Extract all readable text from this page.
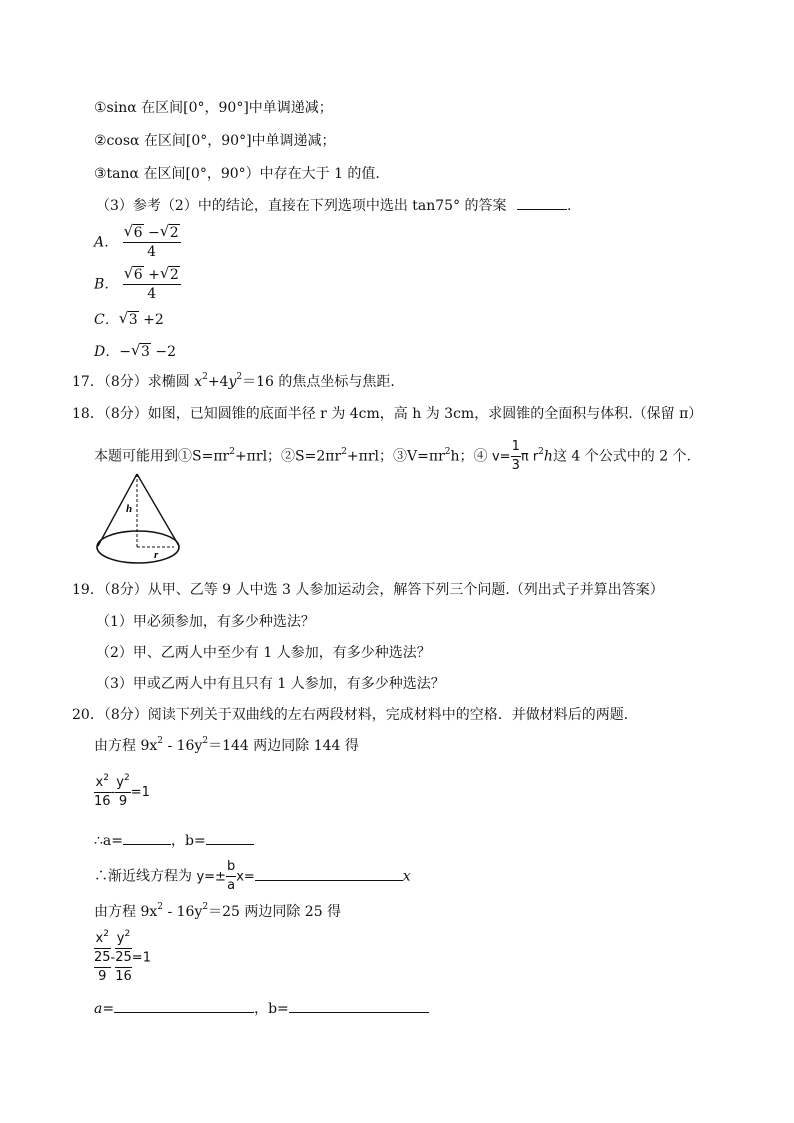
①sinα 在区间[0°，90°]中单调递减；
②cosα 在区间[0°，90°]中单调递减；
③tanα 在区间[0°，90°）中存在大于 1 的值.
（3）参考（2）中的结论，直接在下列选项中选出 tan75° 的答案	.
A． $\frac{√ 6 - √ 2}{4}$
B． $\frac{√ 6 + √ 2}{4}$
C． √ 3 +2
D．− √ 3 −2
17．（8分）求椭圆 $x^2+4y^2=16$ 的焦点坐标与焦距.
18．（8分）如图，已知圆锥的底面半径 r 为 4cm，高 h 为 3cm，求圆锥的全面积与体积.（保留 π）
本题可能用到$①S=\pi r^2+\pi rl$；$②S=2\pi r^2+\pi rl$；$③V=\pi r^2h$；④ $v= \frac{1}{3}$ π $r^2h$这 4 个公式中的 2 个.
h
r
19．（8分）从甲、乙等 9 人中选 3 人参加运动会，解答下列三个问题.（列出式子并算出答案）
（1）甲必须参加，有多少种选法？
（2）甲、乙两人中至少有 1 人参加，有多少种选法？
（3）甲或乙两人中有且只有 1 人参加，有多少种选法？
20．（8分）阅读下列关于双曲线的左右两段材料，完成材料中的空格．并做材料后的两题．
由方程 $9x^2 - 16y^2=144$ 两边同除 144 得
$\frac{x^2}{16} - \frac{y^2}{9} =1$
∴a=	，b=
∴渐近线方程为 $y=\pm \frac{b}{a} x=$	x
由方程 $9x^2 - 16y^2=25$ 两边同除 25 得
$x^2$
25
9
-
$y^2$
25
16
=1
a=	，b=
